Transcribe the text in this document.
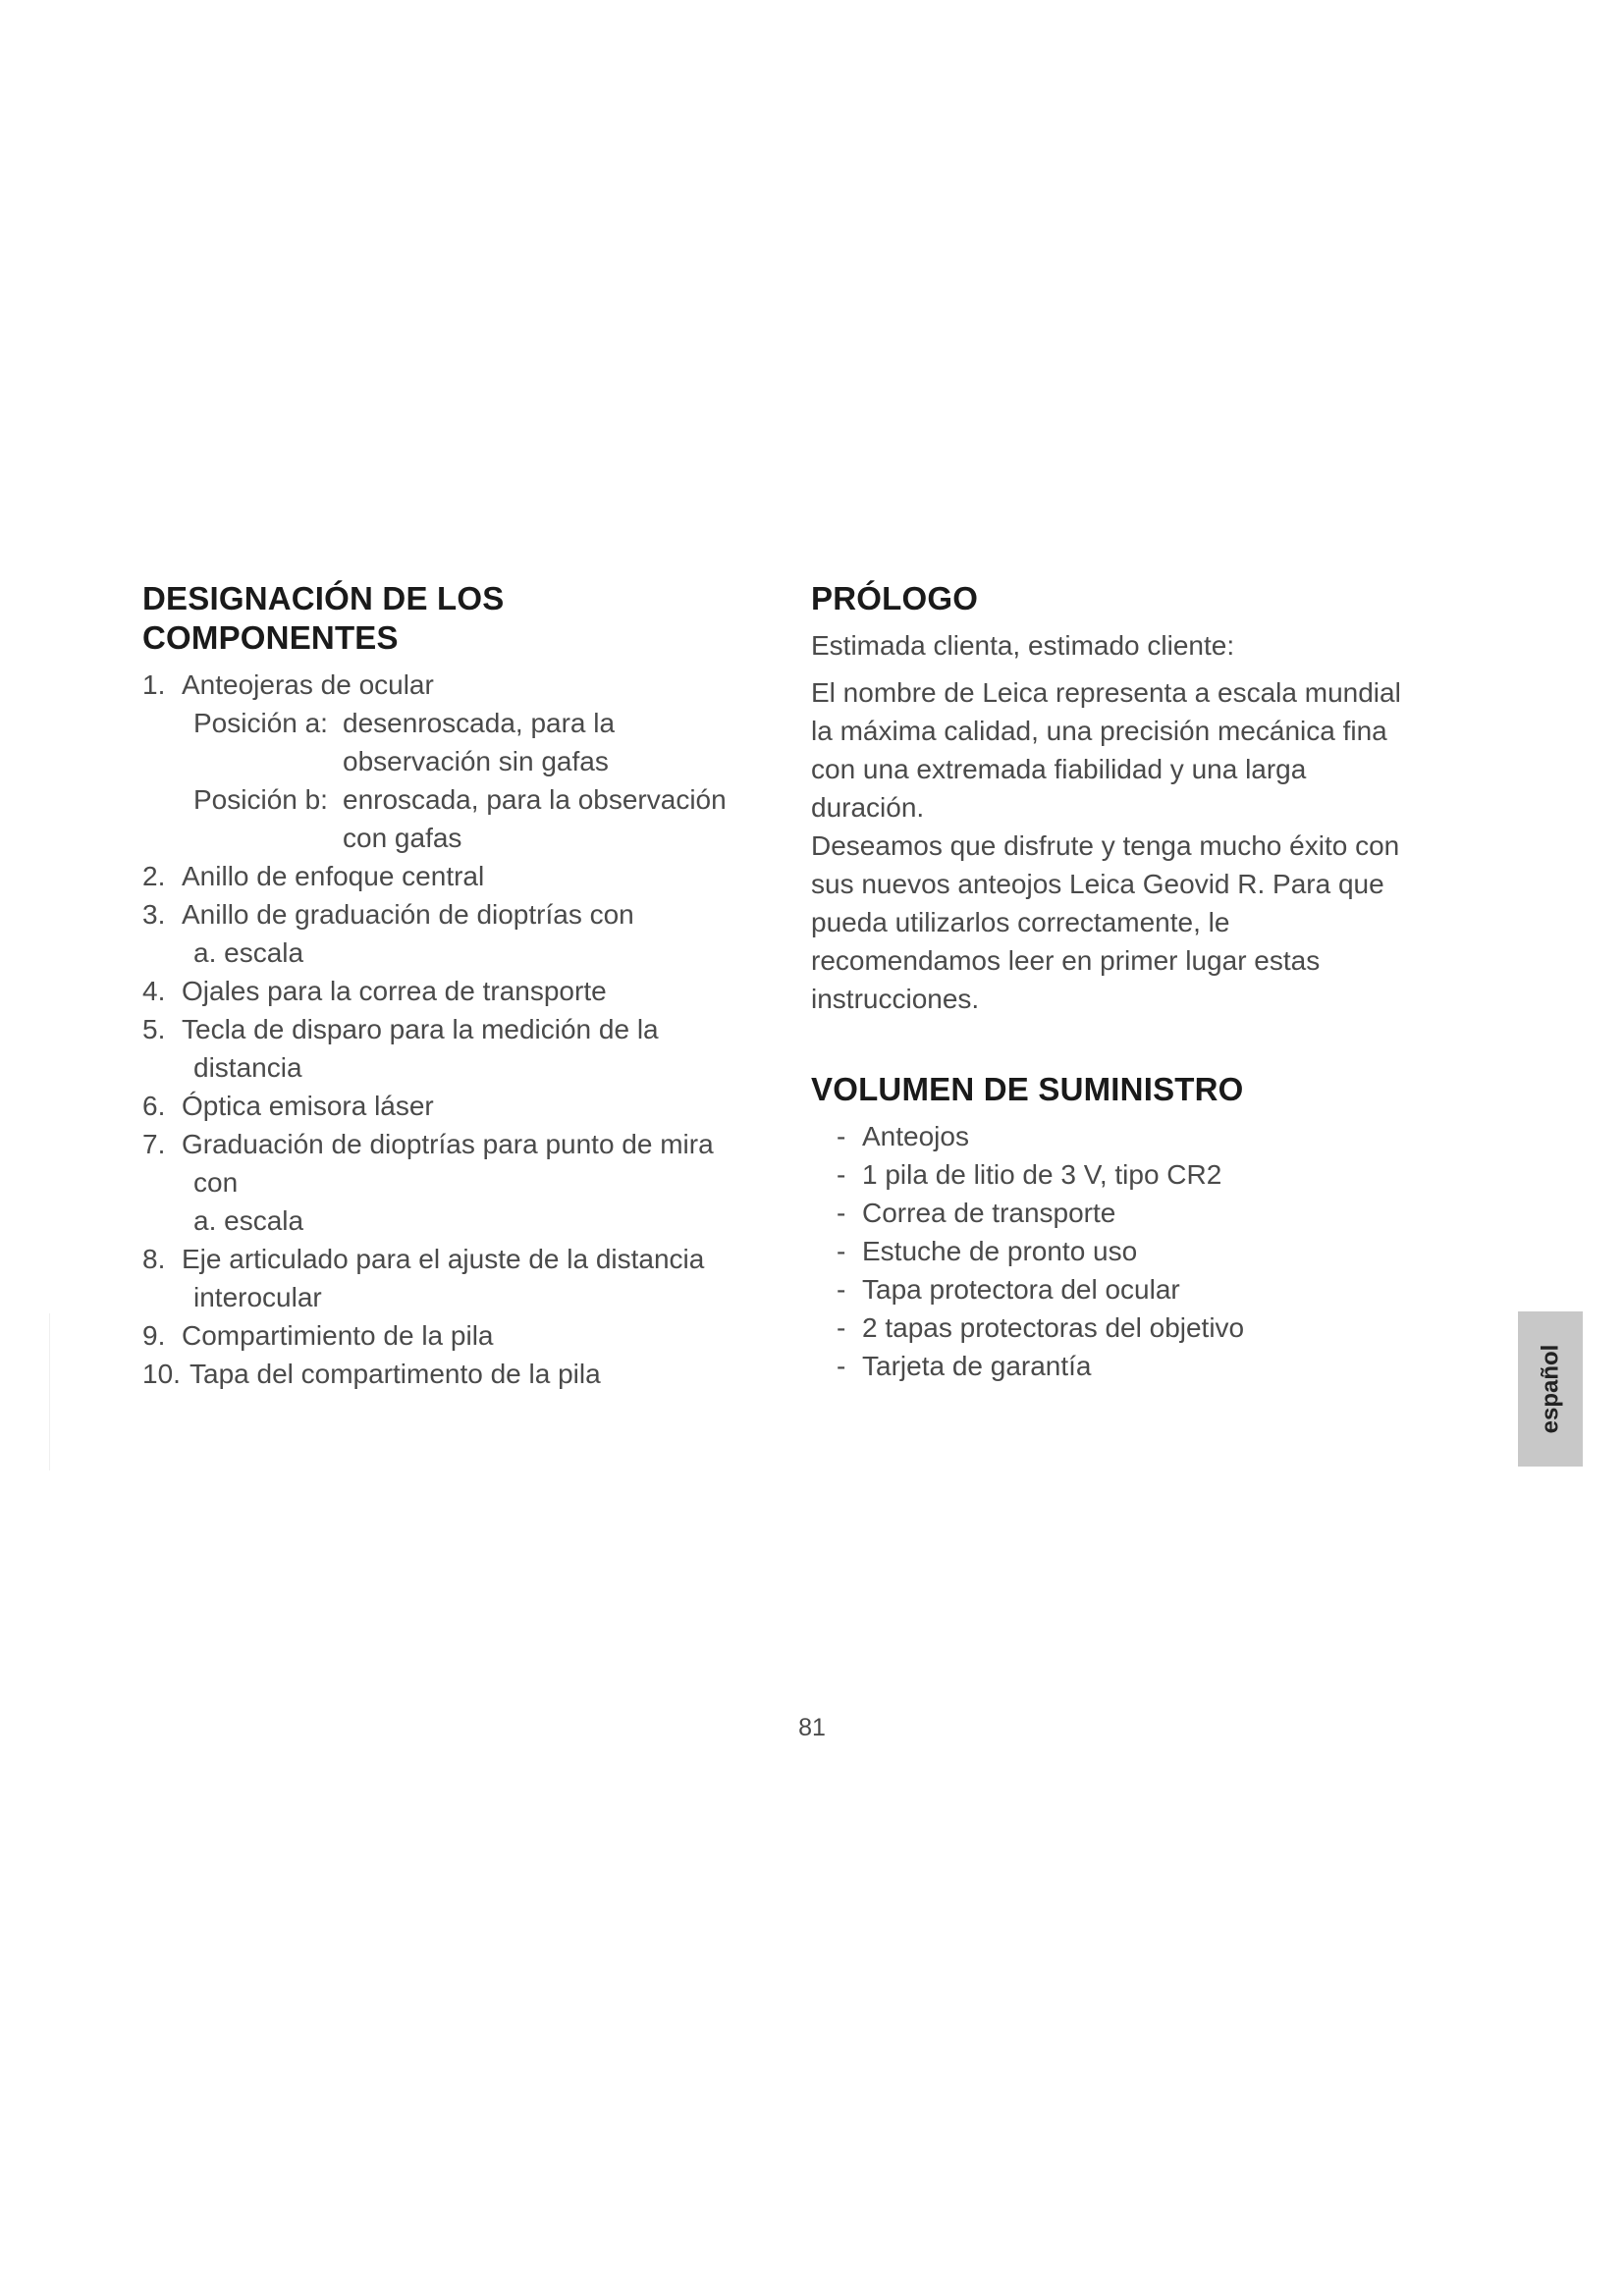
DESIGNACIÓN DE LOS COMPONENTES
1. Anteojeras de ocular
Posición a: desenroscada, para la
observación sin gafas
Posición b: enroscada, para la observación
con gafas
2. Anillo de enfoque central
3. Anillo de graduación de dioptrías con
a. escala
4. Ojales para la correa de transporte
5. Tecla de disparo para la medición de la
distancia
6. Óptica emisora láser
7. Graduación de dioptrías para punto de mira
con
a. escala
8. Eje articulado para el ajuste de la distancia
interocular
9. Compartimiento de la pila
10. Tapa del compartimento de la pila
PRÓLOGO

Estimada clienta, estimado cliente:

El nombre de Leica representa a escala mundial
la máxima calidad, una precisión mecánica fina
con una extremada fiabilidad y una larga
duración.

Deseamos que disfrute y tenga mucho éxito con
sus nuevos anteojos Leica Geovid R. Para que
pueda utilizarlos correctamente, le
recomendamos leer en primer lugar estas
instrucciones.

VOLUMEN DE SUMINISTRO
- Anteojos
- 1 pila de litio de 3 V, tipo CR2
- Correa de transporte
- Estuche de pronto uso
- Tapa protectora del ocular
- 2 tapas protectoras del objetivo
- Tarjeta de garantía	español
81
